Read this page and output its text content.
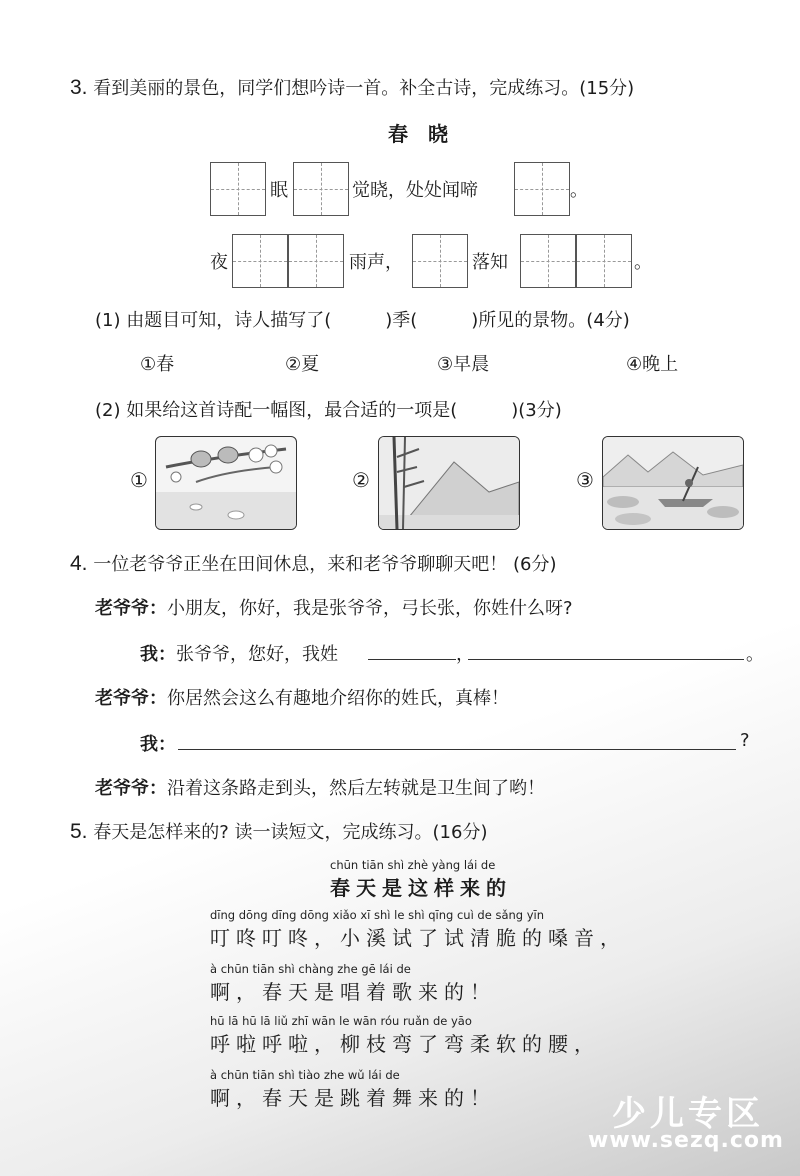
3. 看到美丽的景色，同学们想吟诗一首。补全古诗，完成练习。(15分)
春　晓
眠	觉晓，处处闻啼	。
夜	雨声，	落知	。
(1) 由题目可知，诗人描写了(　　　)季(　　　)所见的景物。(4分)
①春	②夏	③早晨	④晚上
(2) 如果给这首诗配一幅图，最合适的一项是(　　　)(3分)
①	②	③
4. 一位老爷爷正坐在田间休息，来和老爷爷聊聊天吧！ (6分)
老爷爷：小朋友，你好，我是张爷爷，弓长张，你姓什么呀?
我：张爷爷，您好，我姓	，	。
老爷爷：你居然会这么有趣地介绍你的姓氏，真棒！
我：	?
老爷爷：沿着这条路走到头，然后左转就是卫生间了哟！
5. 春天是怎样来的? 读一读短文，完成练习。(16分)
chūn tiān shì zhè yàng lái de
春天是这样来的
dīng dōng dīng dōng xiǎo xī shì le shì qīng cuì de sǎng yīn
叮咚叮咚，小溪试了试清脆的嗓音，
à chūn tiān shì chàng zhe gē lái de
啊，春天是唱着歌来的！
hū lā hū lā liǔ zhī wān le wān róu ruǎn de yāo
呼啦呼啦，柳枝弯了弯柔软的腰，
à chūn tiān shì tiào zhe wǔ lái de
啊，春天是跳着舞来的！	少儿专区
www.sezq.com
